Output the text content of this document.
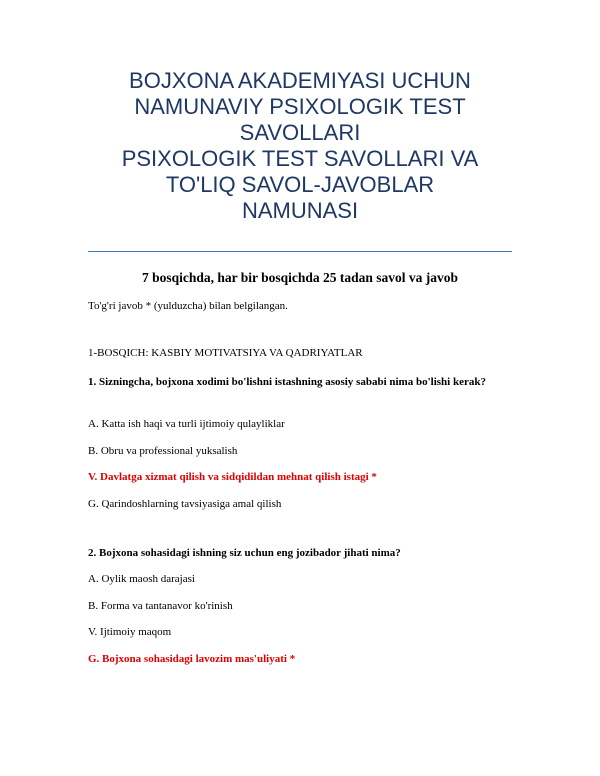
BOJXONA AKADEMIYASI UCHUN
NAMUNAVIY PSIXOLOGIK TEST
SAVOLLARI
PSIXOLOGIK TEST SAVOLLARI VA
TO'LIQ SAVOL-JAVOBLAR
NAMUNASI
7 bosqichda, har bir bosqichda 25 tadan savol va javob
To'g'ri javob * (yulduzcha) bilan belgilangan.
1-BOSQICH: KASBIY MOTIVATSIYA VA QADRIYATLAR
1. Sizningcha, bojxona xodimi bo'lishni istashning asosiy sababi nima bo'lishi kerak?
A. Katta ish haqi va turli ijtimoiy qulayliklar
B. Obru va professional yuksalish
V. Davlatga xizmat qilish va sidqidildan mehnat qilish istagi *
G. Qarindoshlarning tavsiyasiga amal qilish
2. Bojxona sohasidagi ishning siz uchun eng jozibador jihati nima?
A. Oylik maosh darajasi
B. Forma va tantanavor ko'rinish
V. Ijtimoiy maqom
G. Bojxona sohasidagi lavozim mas'uliyati *
